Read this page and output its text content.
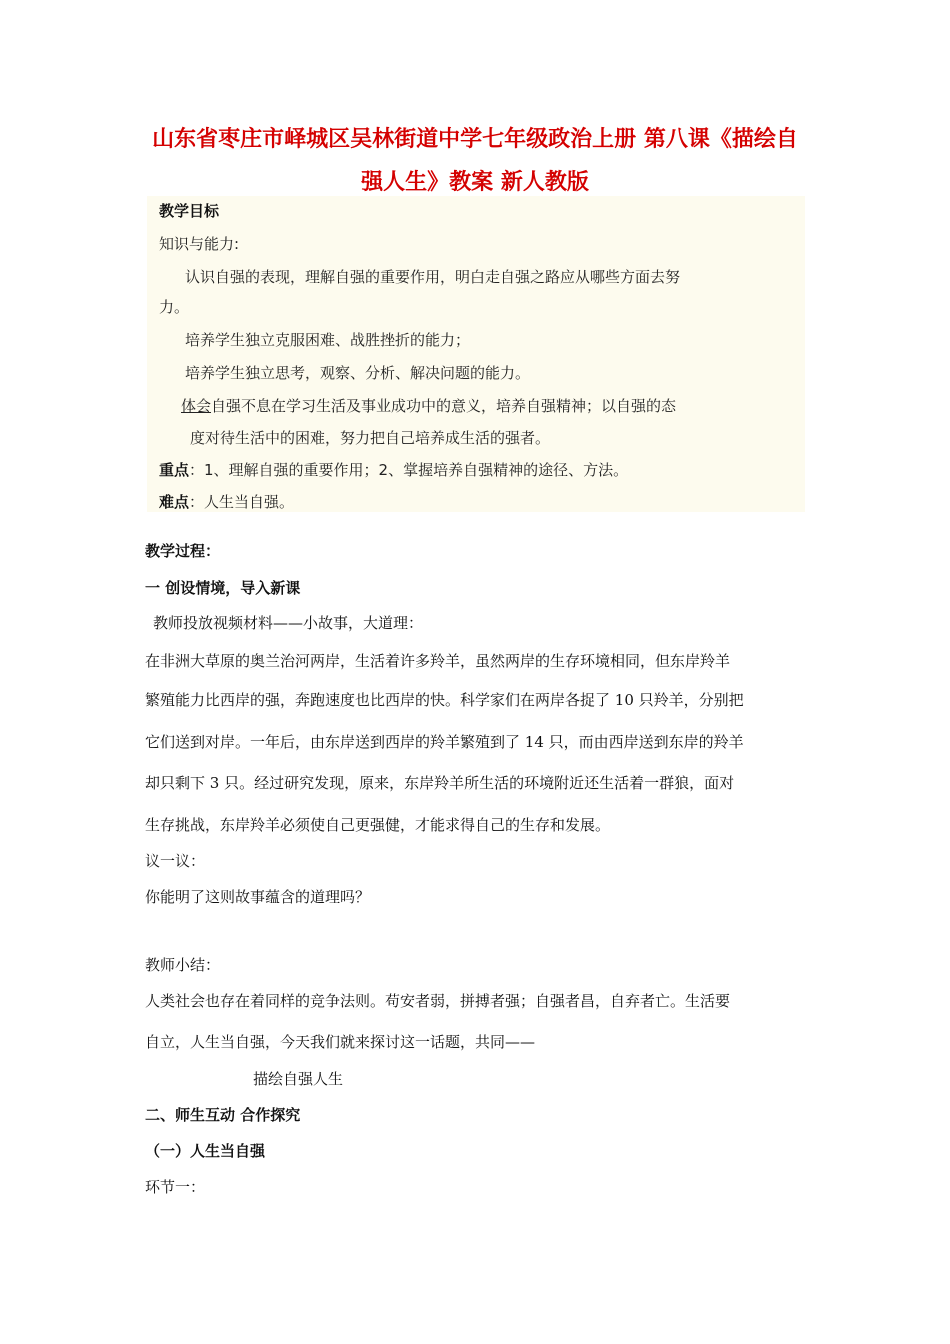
山东省枣庄市峄城区吴林街道中学七年级政治上册 第八课《描绘自
强人生》教案 新人教版
教学目标
知识与能力:
认识自强的表现，理解自强的重要作用，明白走自强之路应从哪些方面去努
力。
培养学生独立克服困难、战胜挫折的能力；
培养学生独立思考，观察、分析、解决问题的能力。
体会自强不息在学习生活及事业成功中的意义，培养自强精神；以自强的态
度对待生活中的困难，努力把自己培养成生活的强者。
重点：1、理解自强的重要作用；2、掌握培养自强精神的途径、方法。
难点：人生当自强。
教学过程：
一 创设情境，导入新课
教师投放视频材料——小故事，大道理：
在非洲大草原的奥兰治河两岸，生活着许多羚羊，虽然两岸的生存环境相同，但东岸羚羊
繁殖能力比西岸的强，奔跑速度也比西岸的快。科学家们在两岸各捉了 10 只羚羊，分别把
它们送到对岸。一年后，由东岸送到西岸的羚羊繁殖到了 14 只，而由西岸送到东岸的羚羊
却只剩下 3 只。经过研究发现，原来，东岸羚羊所生活的环境附近还生活着一群狼，面对
生存挑战，东岸羚羊必须使自己更强健，才能求得自己的生存和发展。
议一议：
你能明了这则故事蕴含的道理吗？
教师小结：
人类社会也存在着同样的竞争法则。苟安者弱，拼搏者强；自强者昌，自弃者亡。生活要
自立，人生当自强，今天我们就来探讨这一话题，共同——
描绘自强人生
二、师生互动 合作探究
（一）人生当自强
环节一：
